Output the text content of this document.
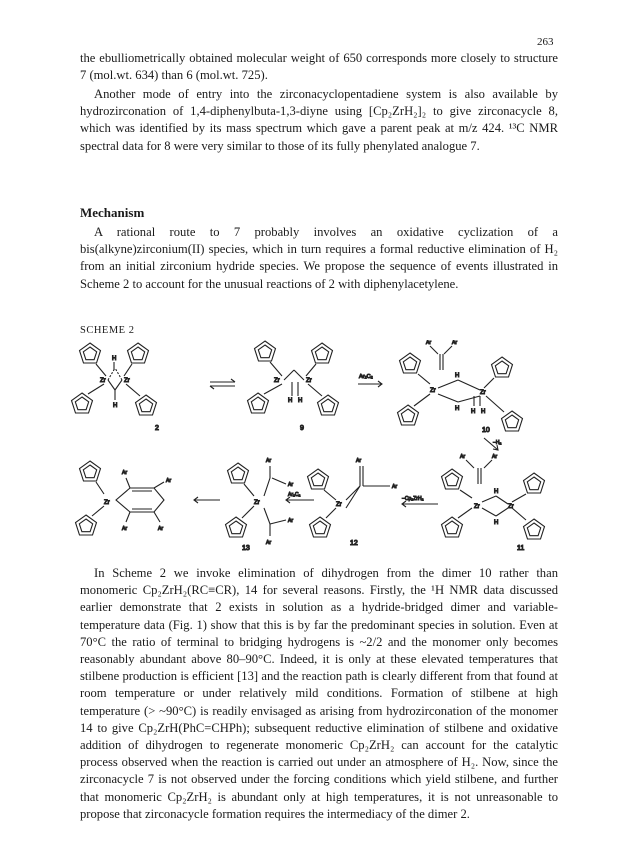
263

the ebulliometrically obtained molecular weight of 650 corresponds more closely to structure 7 (mol.wt. 634) than 6 (mol.wt. 725).

Another mode of entry into the zirconacyclopentadiene system is also available by hydrozirconation of 1,4-diphenylbuta-1,3-diyne using [Cp₂ZrH₂]₂ to give zirconacycle 8, which was identified by its mass spectrum which gave a parent peak at m/z 424. ¹³C NMR spectral data for 8 were very similar to those of its fully phenylated analogue 7.

Mechanism

A rational route to 7 probably involves an oxidative cyclization of a bis(alkyne)zirconium(II) species, which in turn requires a formal reductive elimination of H₂ from an initial zirconium hydride species. We propose the sequence of events illustrated in Scheme 2 to account for the unusual reactions of 2 with diphenylacetylene.

SCHEME 2
Zr	Zr
H
H
2
Zr	Zr
H H
9
Ar₂C₂
Ar	Ar
Zr	Zr
H
H H H
10
−H₂
Ar	Ar
Zr	Zr
H
H
11
−Cp₂ZrH₂
Ar
Ar
Zr
12
Ar₂C₂
Ar
Ar
Ar
Ar
Zr
13
Ar
Ar
Ar	Ar
Zr

In Scheme 2 we invoke elimination of dihydrogen from the dimer 10 rather than monomeric Cp₂ZrH₂(RC≡CR), 14 for several reasons. Firstly, the ¹H NMR data discussed earlier demonstrate that 2 exists in solution as a hydride-bridged dimer and variable-temperature data (Fig. 1) show that this is by far the predominant species in solution. Even at 70°C the ratio of terminal to bridging hydrogens is ~2/2 and the monomer only becomes reasonably abundant above 80–90°C. Indeed, it is only at these elevated temperatures that stilbene production is efficient [13] and the reaction path is clearly different from that found at room temperature or under relatively mild conditions. Formation of stilbene at high temperature (> ~90°C) is readily envisaged as arising from hydrozirconation of the monomer 14 to give Cp₂ZrH(PhC=CHPh); subsequent reductive elimination of stilbene and oxidative addition of dihydrogen to regenerate monomeric Cp₂ZrH₂ can account for the catalytic process observed when the reaction is carried out under an atmosphere of H₂. Now, since the zirconacycle 7 is not observed under the forcing conditions which yield stilbene, and further that monomeric Cp₂ZrH₂ is abundant only at high temperatures, it is not unreasonable to propose that zirconacycle formation requires the intermediacy of the dimer 2.
